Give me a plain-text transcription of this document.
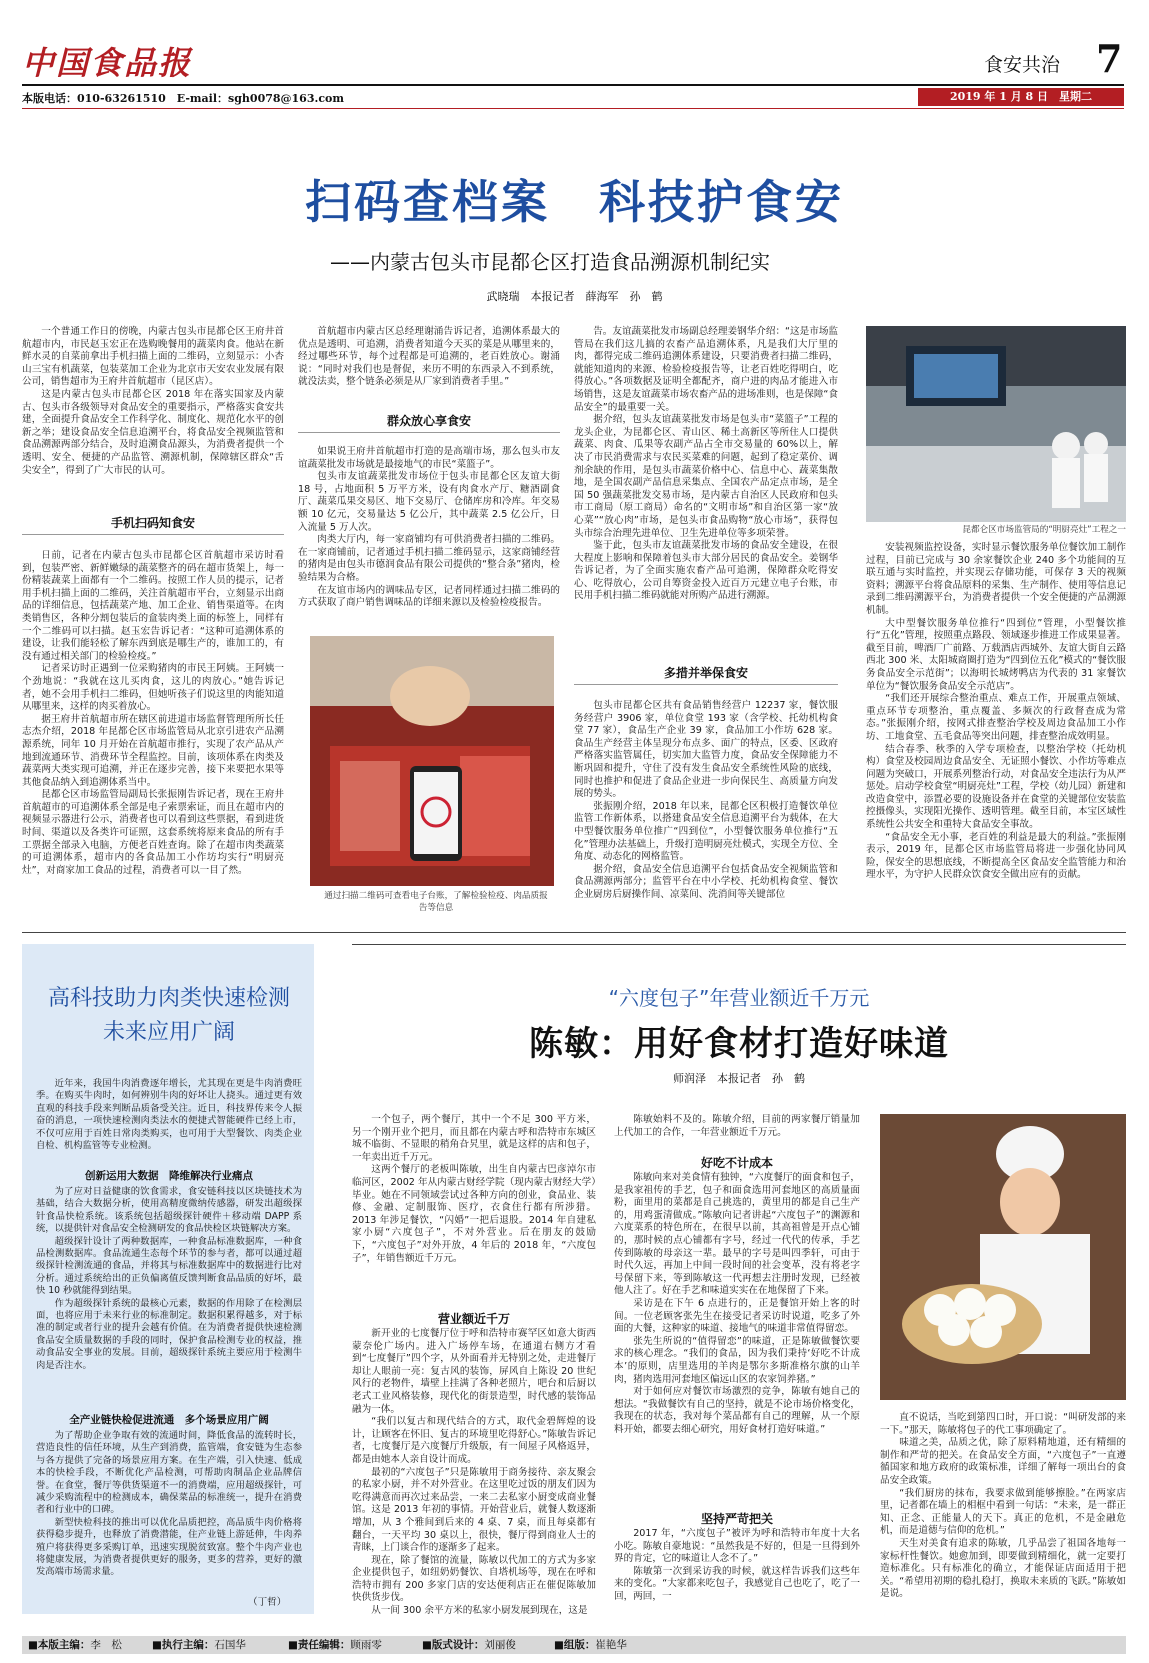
中国食品报	食安共治 7
本版电话：010-63261510　E-mail：sgh0078@163.com	2019 年 1 月 8 日　星期二
扫码查档案　科技护食安
——内蒙古包头市昆都仑区打造食品溯源机制纪实
武晓瑞　本报记者　薛海军　孙　鹤

一个普通工作日的傍晚，内蒙古包头市昆都仑区王府井首航超市内，市民赵玉宏正在选购晚餐用的蔬菜肉食。他站在新鲜水灵的自菜前拿出手机扫描上面的二维码，立刻显示：小杏山三宝有机蔬菜，包装菜加工企业为北京市天安农业发展有限公司，销售超市为王府井首航超市（昆区店）。

这是内蒙古包头市昆都仑区 2018 年在落实国家及内蒙古、包头市各级领导对食品安全的重要指示，严格落实食安共建，全面提升食品安全工作科学化、制度化、规范化水平的创新之举；建设食品安全信息追溯平台，将食品安全视频监管和食品溯源两部分结合，及时追溯食品源头，为消费者提供一个透明、安全、便捷的产品监管、溯源机制，保障辖区群众“舌尖安全”，得到了广大市民的认可。

手机扫码知食安

日前，记者在内蒙古包头市昆都仑区首航超市采访时看到，包装严密、新鲜嫩绿的蔬菜整齐的码在超市货架上，每一份精装蔬菜上面都有一个二维码。按照工作人员的提示，记者用手机扫描上面的二维码，关注首航超市平台，立刻显示出商品的详细信息，包括蔬菜产地、加工企业、销售渠道等。在肉类销售区，各种分割包装后的盒装肉类上面的标签上，同样有一个二维码可以扫描。赵玉宏告诉记者：“这种可追溯体系的建设，让我们能轻松了解东西到底是哪生产的，谁加工的，有没有通过相关部门的检验检疫。”

记者采访时正遇到一位采购猪肉的市民王阿姨。王阿姨一个劲地说：“我就在这儿买肉食，这儿的肉放心。”她告诉记者，她不会用手机扫二维码，但她听孩子们说这里的肉能知道从哪里来，这样的肉买着放心。

据王府井首航超市所在辖区前进道市场监督管理所所长任志杰介绍，2018 年昆都仑区市场监管局从北京引进农产品溯源系统，同年 10 月开始在首航超市推行，实现了农产品从产地到流通环节、消费环节全程监控。目前，该项体系在肉类及蔬菜两大类实现可追溯，并正在逐步完善，接下来要把水果等其他食品纳入到追溯体系当中。

昆都仑区市场监管局副局长张振刚告诉记者，现在王府井首航超市的可追溯体系全部是电子索票索证，而且在超市内的视频显示器进行公示，消费者也可以看到这些票据，看到进货时间、渠道以及各类许可证照，这套系统将原来食品的所有手工票据全部录入电脑，方便老百姓查询。除了在超市肉类蔬菜的可追溯体系，超市内的各食品加工小作坊均实行“明厨亮灶”，对商家加工食品的过程，消费者可以一目了然。

首航超市内蒙古区总经理谢涌告诉记者，追溯体系最大的优点是透明、可追溯，消费者知道今天买的菜是从哪里来的，经过哪些环节，每个过程都是可追溯的，老百姓放心。谢涌说：“同时对我们也是督促，来历不明的东西录入不到系统，就没法卖，整个链条必须是从厂家到消费者手里。”

群众放心享食安

如果说王府井首航超市打造的是高端市场，那么包头市友谊蔬菜批发市场就是最接地气的市民“菜篮子”。

包头市友谊蔬菜批发市场位于包头市昆都仑区友谊大街 18 号，占地面积 5 万平方米，设有肉食水产厅、糖酒副食厅、蔬菜瓜果交易区、地下交易厅、仓储库房和冷库。年交易额 10 亿元，交易量达 5 亿公斤，其中蔬菜 2.5 亿公斤，日入流量 5 万人次。

肉类大厅内，每一家商铺均有可供消费者扫描的二维码。在一家商铺前，记者通过手机扫描二维码显示，这家商铺经营的猪肉是由包头市德润食品有限公司提供的“整合条”猪肉，检验结果为合格。

在友谊市场内的调味品专区，记者同样通过扫描二维码的方式获取了商户销售调味品的详细来源以及检验检疫报告。

通过扫描二维码可查看电子台账，了解检验检疫、肉品质报告等信息

告。友谊蔬菜批发市场副总经理姜钢华介绍：“这是市场监管局在我们这儿搞的农畜产品追溯体系，凡是我们大厅里的肉，都得完成二维码追溯体系建设，只要消费者扫描二维码，就能知道肉的来源、检验检疫报告等，让老百姓吃得明白，吃得放心。”各项数据及证明全都配齐，商户进的肉品才能进入市场销售，这是友谊蔬菜市场农畜产品的进场准则，也是保障“食品安全”的最重要一关。

据介绍，包头友谊蔬菜批发市场是包头市“菜篮子”工程的龙头企业，为昆都仑区、青山区、稀土高新区等所住人口提供蔬菜、肉食、瓜果等农副产品占全市交易量的 60%以上，解决了市民消费需求与农民买菜难的问题，起到了稳定菜价、调剂余缺的作用，是包头市蔬菜价格中心、信息中心、蔬菜集散地，是全国农副产品信息采集点、全国农产品定点市场，是全国 50 强蔬菜批发交易市场，是内蒙古自治区人民政府和包头市工商局（原工商局）命名的“文明市场”和自治区第一家“放心菜”“放心肉”市场，是包头市食品购物“放心市场”，获得包头市综合治理先进单位、卫生先进单位等多项荣誉。

鉴于此，包头市友谊蔬菜批发市场的食品安全建设，在很大程度上影响和保障着包头市大部分居民的食品安全。姜钢华告诉记者，为了全面实施农畜产品可追溯，保障群众吃得安心、吃得放心，公司自筹资金投入近百万元建立电子台账，市民用手机扫描二维码就能对所购产品进行溯源。

多措并举保食安

包头市昆都仑区共有食品销售经营户 12237 家，餐饮服务经营户 3906 家，单位食堂 193 家（含学校、托幼机构食堂 77 家），食品生产企业 39 家，食品加工小作坊 628 家。食品生产经营主体呈现分布点多、面广的特点，区委、区政府严格落实监管属任，切实加大监管力度，食品安全保障能力不断巩固和提升，守住了没有发生食品安全系统性风险的底线，同时也推护和促进了食品企业进一步向保民生、高质量方向发展的势头。

张振刚介绍，2018 年以来，昆都仑区积极打造餐饮单位监管工作新体系，以搭建食品安全信息追溯平台为载体，在大中型餐饮服务单位推广“四到位”，小型餐饮服务单位推行“五化”管理办法基础上，升级打造明厨亮灶模式，实现全方位、全角度、动态化的网格监管。

据介绍，食品安全信息追溯平台包括食品安全视频监管和食品溯源两部分；监管平台在中小学校、托幼机构食堂、餐饮企业厨房后厨操作间、凉菜间、洗消间等关键部位

昆都仑区市场监管局的“明厨亮灶”工程之一

安装视频监控设备，实时显示餐饮服务单位餐饮加工制作过程，目前已完成与 30 余家餐饮企业 240 多个功能间的互联互通与实时监控，并实现云存储功能，可保存 3 天的视频资料；溯源平台将食品原料的采集、生产制作、使用等信息记录到二维码溯源平台，为消费者提供一个安全便捷的产品溯源机制。

大中型餐饮服务单位推行“四到位”管理，小型餐饮推行“五化”管理，按照重点路段、领域逐步推进工作成果显著。截至目前，啤酒厂广前路、万载酒店西城外、友谊大街自云路西北 300 米、太阳城商圈打造为“四到位五化”模式的“餐饮服务食品安全示范街”；以海明长城烤鸭店为代表的 31 家餐饮单位为“餐饮服务食品安全示范店”。

“我们还开展综合整治重点、难点工作，开展重点领域、重点环节专项整治，重点覆盖、多频次的行政督查成为常态。”张振刚介绍，按网式排查整治学校及周边食品加工小作坊、工地食堂、五毛食品等突出问题，排查整治成效明显。

结合春季、秋季的入学专项检查，以整治学校（托幼机构）食堂及校园周边食品安全、无证照小餐饮、小作坊等难点问题为突破口，开展系列整治行动，对食品安全违法行为从严惩处。启动学校食堂“明厨亮灶”工程，学校（幼儿园）新建和改造食堂中，添置必要的设施设备并在食堂的关键部位安装监控摄像头，实现阳光操作、透明管理。截至目前，本宝区域性系统性公共安全和重特大食品安全事故。

“食品安全无小事，老百姓的利益是最大的利益。”张振刚表示，2019 年，昆都仑区市场监管局将进一步强化协同风险，保安全的思想底线，不断提高全区食品安全监管能力和治理水平，为守护人民群众饮食安全做出应有的贡献。

高科技助力肉类快速检测未来应用广阔

近年来，我国牛肉消费逐年增长，尤其现在更是牛肉消费旺季。在购买牛肉时，如何辨别牛肉的好坏让人挠头。通过更有效直观的科技手段来判断品质备受关注。近日，科技界传来令人振奋的消息，一项快速检测肉类法水的便捷式智能硬件已经上市，不仅可应用于百姓日常肉类购买，也可用于大型餐饮、肉类企业自检、机构监管等专业检测。

创新运用大数据　降维解决行业痛点

为了应对日益健康的饮食需求，食安链科技以区块链技术为基础，结合大数据分析，使用高精度微纳传感器，研发出超级探针食品快检系统。该系统包括超级探针硬件＋移动端 DAPP 系统，以提供针对食品安全检测研发的食品快检区块链解决方案。

超级探针设计了两种数据库，一种食品标准数据库，一种食品检测数据库。食品流通生态每个环节的参与者，都可以通过超级探针检测流通的食品，并将其与标准数据库中的数据进行比对分析。通过系统给出的正负偏离值反馈判断食品品质的好坏，最快 10 秒就能得到结果。

作为超级探针系统的最核心元素，数据的作用除了在检测层面，也将应用于未来行业的标准制定。数据积累得越多，对于标准的制定或者行业的提升会越有价值。在为消费者提供快速检测食品安全质量数据的手段的同时，保护食品检测专业的权益，推动食品安全事业的发展。目前，超级探针系统主要应用于检测牛肉是否注水。

全产业链快检促进流通　多个场景应用广阔

为了帮助企业争取有效的流通时间，降低食品的流转时长，营造良性的信任环境，从生产到消费，监管端，食安链为生态参与各方提供了完备的场景应用方案。在生产端，引入快速、低成本的快检手段，不断优化产品检测，可帮助肉制品企业品牌信誉。在食堂，餐厅等供货渠道不一的消费端，应用超级探针，可减少采购流程中的检测成本，确保菜品的标准统一，提升在消费者和行业中的口碑。

新型快检科技的推出可以优化品质把控，高品质牛肉价格将获得稳步提升，也释放了消费潜能，住产业链上游延伸，牛肉养殖户将获得更多采购订单，迅速实现脱贫致富。整个牛肉产业也将健康发展，为消费者提供更好的服务，更多的营养，更好的激发高端市场需求量。

（丁哲）
“六度包子”年营业额近千万元
陈敏：用好食材打造好味道
师润泽　本报记者　孙　鹤

一个包子，两个餐厅，其中一个不足 300 平方米，另一个刚开业个把月，而且都在内蒙古呼和浩特市东城区城不临街、不显眼的稍角旮旯里，就是这样的店和包子，一年卖出近千万元。

这两个餐厅的老板叫陈敏，出生自内蒙古巴彦淖尔市临河区，2002 年从内蒙古财经学院（现内蒙古财经大学）毕业。她在不同领域尝试过各种方向的创业，食品业、装修、金融、定制服饰、医疗，衣食住行都有所涉猎。2013 年涉足餐饮，“闪婚”一把后退股。2014 年自建私家小厨“六度包子”，不对外营业。后在朋友的鼓励下，“六度包子”对外开放，4 年后的 2018 年，“六度包子”，年销售额近千万元。

营业额近千万

新开业的七度餐厅位于呼和浩特市赛罕区如意大街西蒙奈伦广场内。进入广场停车场，在通道右侧方才看到“七度餐厅”四个字，从外面看并无特别之处，走进餐厅却让人眼前一亮：复古风的装饰，屏风自上陈设 20 世纪风行的老物件，墙壁上挂满了各种老照片，吧台和后厨以老式工业风格装修，现代化的街景造型，时代感的装饰品融为一体。

“我们以复古和现代结合的方式，取代金碧辉煌的设计，让顾客在怀旧、复古的环境里吃得舒心。”陈敏告诉记者，七度餐厅是六度餐厅升级版，有一间屋子风格返异，都是由她本人亲自设计而成。

最初的“六度包子”只是陈敏用于商务接待、亲友聚会的私家小厨，并不对外营业。在这里吃过饭的朋友们因为吃得满意而再次过来品尝，一来二去私家小厨变成商业餐馆。这是 2013 年初的事情。开始营业后，就餐人数逐渐增加，从 3 个雅间到后来的 4 桌、7 桌，而且每桌都有翻台，一天平均 30 桌以上，很快，餐厅得到商业人士的青睐，上门谈合作的逐渐多了起来。

现在，除了餐馆的流量，陈敏以代加工的方式为多家企业提供包子，如纽奶奶餐饮、自塔机场等，现在在呼和浩特市拥有 200 多家门店的安达便利店正在催促陈敏加快供货步伐。

从一间 300 余平方米的私家小厨发展到现在，这是

陈敏始料不及的。陈敏介绍，目前的两家餐厅销量加上代加工的合作，一年营业额近千万元。

好吃不计成本

陈敏向来对美食情有独钟，“六度餐厅的面食和包子，是我家祖传的手艺，包子和面食选用河套地区的高质量面粉，面里用的菜都是自己挑选的，黄里用的都是自己生产的，用鸡蛋清做成。”陈敏向记者讲起“六度包子”的渊源和六度菜系的特色所在，在很早以前，其高祖曾是开点心铺的，那时候的点心铺都有字号，经过一代代的传承，手艺传到陈敏的母亲这一辈。最早的字号是叫四季轩，可由于时代久远，再加上中间一段时间的社会变革，没有将老字号保留下来，等到陈敏这一代再想去注册时发现，已经被他人注了。好在手艺和味道实实在在地保留了下来。

采访是在下午 6 点进行的，正是餐馆开始上客的时间。一位老顾客张先生在接受记者采访时说道，吃多了外面的大餐，这种家的味道、接地气的味道非常值得留恋。

张先生所说的“值得留恋”的味道，正是陈敏做餐饮要求的核心理念。“我们的食品，因为我们秉持‘好吃不计成本’的原则，店里选用的羊肉是鄂尔多斯准格尔旗的山羊肉，猪肉选用河套地区偏远山区的农家饲养猪。”

对于如何应对餐饮市场激烈的竞争，陈敏有她自己的想法。“我做餐饮有自己的坚持，就是不论市场价格变化，我现在的状态，我对每个菜品都有自己的理解，从一个原料开始，都要去细心研究，用好食材打造好味道。”

坚持严苛把关

2017 年，“六度包子”被评为呼和浩特市年度十大名小吃。陈敏自豪地说：“虽然我是不好的，但是一旦得到外界的肯定，它的味道让人念不了。”

陈敏第一次到采访我的时候，就这样告诉我们这些年来的变化。“大家都来吃包子，我感觉自己也吃了，吃了一回，两回，一

直不说话，当吃到第四口时，开口说：“叫研发部的来一下。”那天，陈敏将包子的代工事项确定了。

味道之美，品质之优，除了原料精地道，还有精细的制作和严苛的把关。在食品安全方面，“六度包子”一直遵循国家和地方政府的政策标准，详细了解每一项出台的食品安全政策。

“我们厨房的抹布，我要求做到能够擦脸。”在两家店里，记者都在墙上的相框中看到一句话：“未来，是一群正知、正念、正能量人的天下。真正的危机，不是金融危机，而是道德与信仰的危机。”

天生对美食有追求的陈敏，几乎品尝了祖国各地每一家标杆性餐饮。她愈加到，即要做到精细化，就一定要打造标准化。只有标准化的确立，才能保证店面适用于把关。“希望用初期的稳扎稳打，换取未来质的飞跃。”陈敏如是说。

■本版主编：李　松	■执行主编：石国华	■责任编辑：顾雨零	■版式设计：刘丽俊	■组版：崔艳华
